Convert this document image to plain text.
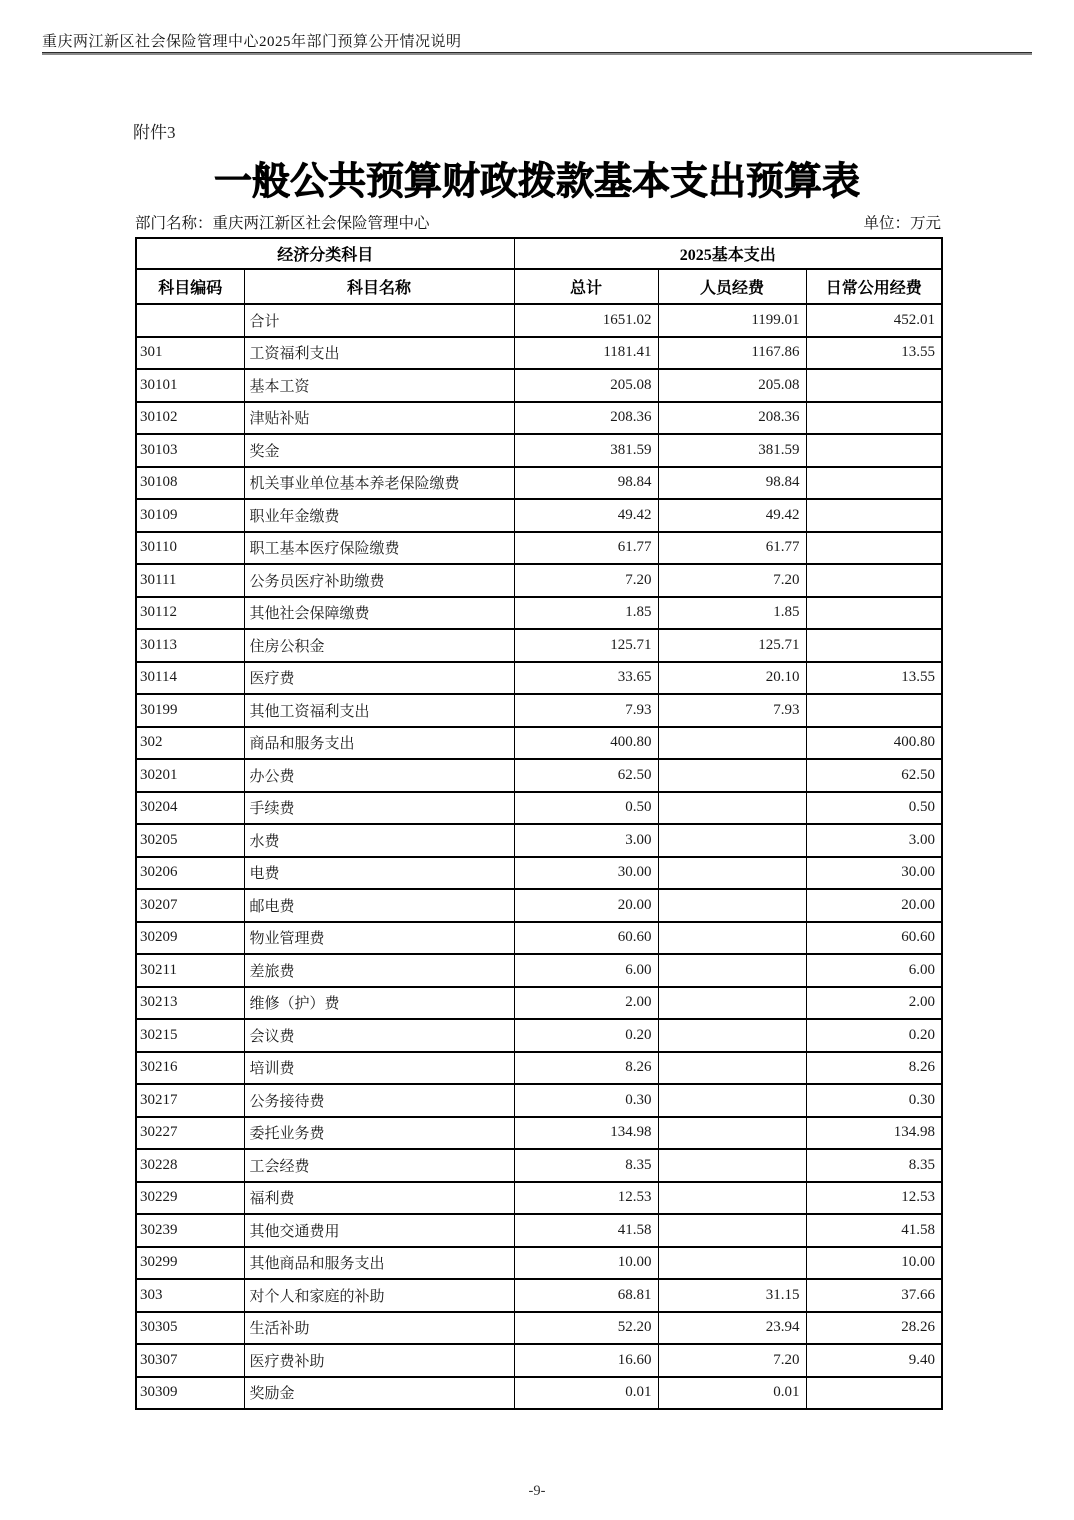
重庆两江新区社会保险管理中心2025年部门预算公开情况说明
附件3
一般公共预算财政拨款基本支出预算表
部门名称：重庆两江新区社会保险管理中心	单位：万元
经济分类科目		2025基本支出		
科目编码	科目名称	总计	人员经费	日常公用经费
	合计	1651.02	1199.01	452.01
301	工资福利支出	1181.41	1167.86	13.55
30101	基本工资	205.08	205.08	
30102	津贴补贴	208.36	208.36	
30103	奖金	381.59	381.59	
30108	机关事业单位基本养老保险缴费	98.84	98.84	
30109	职业年金缴费	49.42	49.42	
30110	职工基本医疗保险缴费	61.77	61.77	
30111	公务员医疗补助缴费	7.20	7.20	
30112	其他社会保障缴费	1.85	1.85	
30113	住房公积金	125.71	125.71	
30114	医疗费	33.65	20.10	13.55
30199	其他工资福利支出	7.93	7.93	
302	商品和服务支出	400.80		400.80
30201	办公费	62.50		62.50
30204	手续费	0.50		0.50
30205	水费	3.00		3.00
30206	电费	30.00		30.00
30207	邮电费	20.00		20.00
30209	物业管理费	60.60		60.60
30211	差旅费	6.00		6.00
30213	维修（护）费	2.00		2.00
30215	会议费	0.20		0.20
30216	培训费	8.26		8.26
30217	公务接待费	0.30		0.30
30227	委托业务费	134.98		134.98
30228	工会经费	8.35		8.35
30229	福利费	12.53		12.53
30239	其他交通费用	41.58		41.58
30299	其他商品和服务支出	10.00		10.00
303	对个人和家庭的补助	68.81	31.15	37.66
30305	生活补助	52.20	23.94	28.26
30307	医疗费补助	16.60	7.20	9.40
30309	奖励金	0.01	0.01	
-9-
